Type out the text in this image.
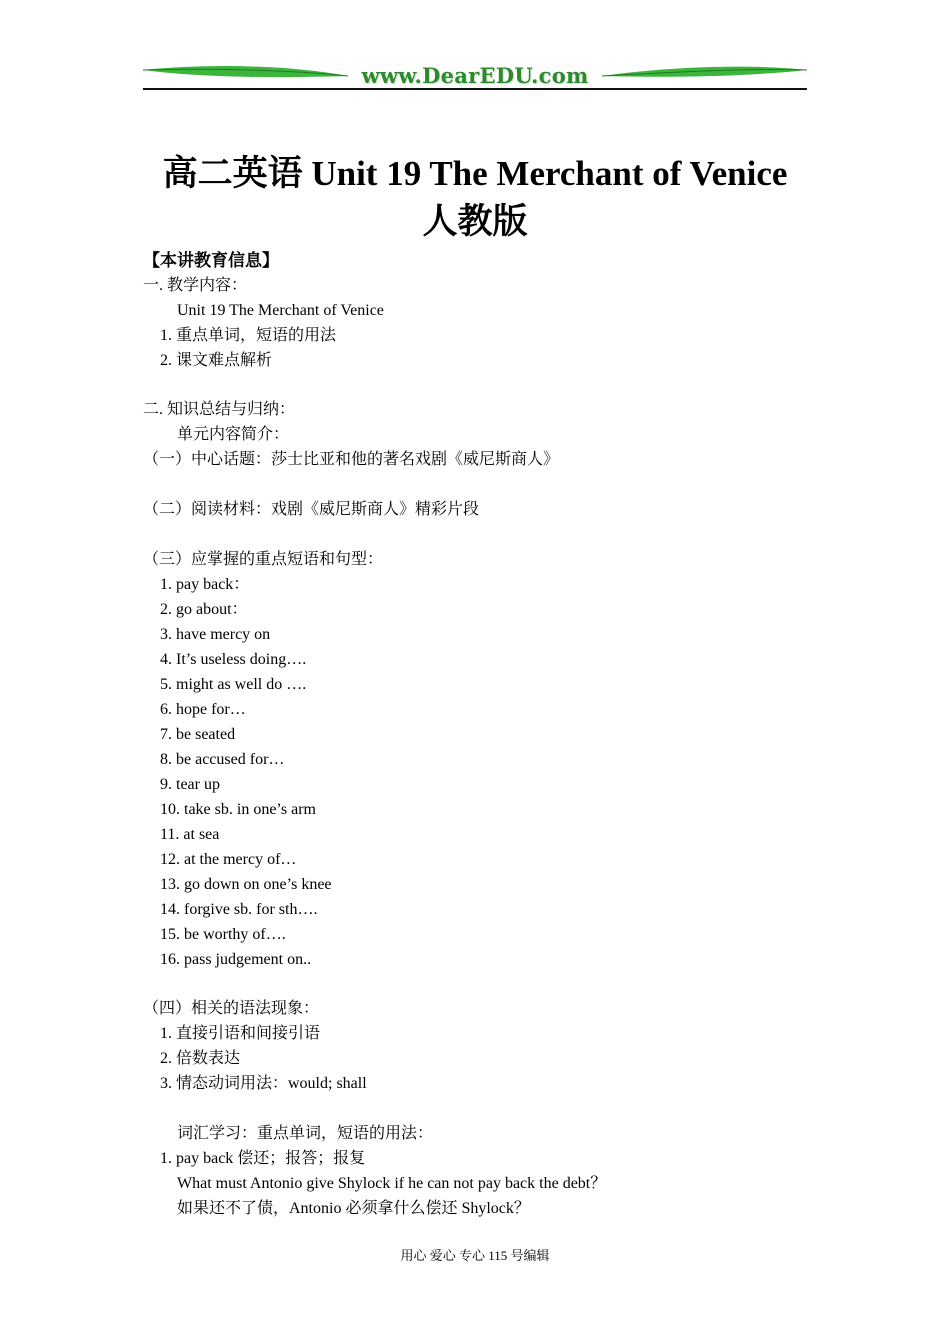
www.DearEDU.com
高二英语 Unit 19 The Merchant of Venice
人教版
【本讲教育信息】
一. 教学内容：
Unit 19 The Merchant of Venice
1. 重点单词，短语的用法
2. 课文难点解析
二. 知识总结与归纳：
单元内容简介：
（一）中心话题：莎士比亚和他的著名戏剧《威尼斯商人》
（二）阅读材料：戏剧《威尼斯商人》精彩片段
（三）应掌握的重点短语和句型：
1. pay back：
2. go about：
3. have mercy on
4. It’s useless doing….
5. might as well do ….
6. hope for…
7. be seated
8. be accused for…
9. tear up
10. take sb. in one’s arm
11. at sea
12. at the mercy of…
13. go down on one’s knee
14. forgive sb. for sth….
15. be worthy of….
16. pass judgement on..
（四）相关的语法现象：
1. 直接引语和间接引语
2. 倍数表达
3. 情态动词用法：would; shall
词汇学习：重点单词，短语的用法：
1. pay back 偿还；报答；报复
What must Antonio give Shylock if he can not pay back the debt？
如果还不了债，Antonio 必须拿什么偿还 Shylock？
用心 爱心 专心 115 号编辑
